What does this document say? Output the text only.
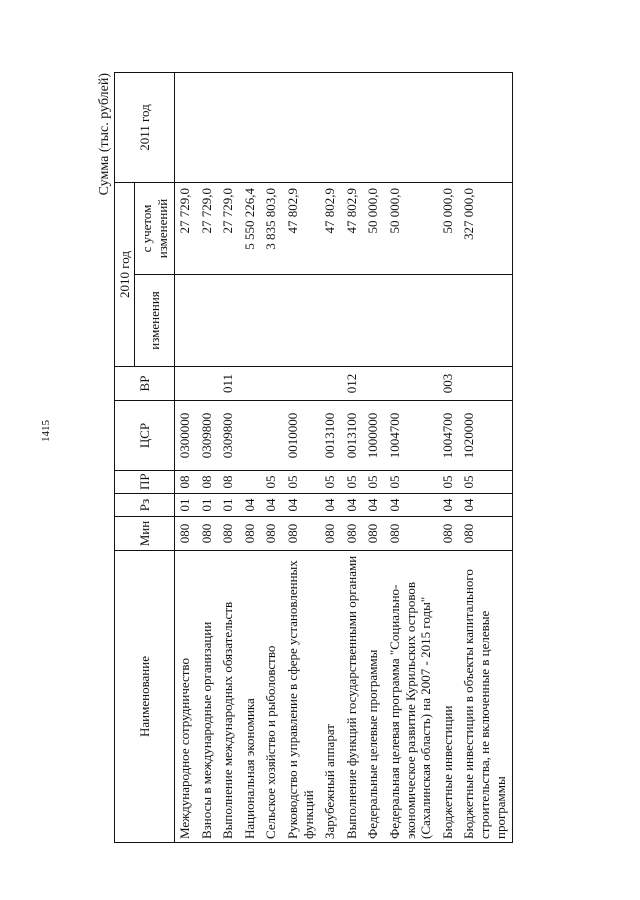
1415
Сумма (тыс. рублей)
Наименование	Мин	Рз	ПР	ЦСР	ВР	2010 год		2011 год
						изменения	с учетом изменений	

Международное сотрудничество	080	01	08	0300000			27 729,0	
Взносы в международные организации	080	01	08	0309800			27 729,0	
Выполнение международных обязательств	080	01	08	0309800	011		27 729,0	
Национальная экономика	080	04					5 550 226,4	
Сельское хозяйство и рыболовство	080	04	05				3 835 803,0	
Руководство и управление в сфере установленных функций	080	04	05	0010000			47 802,9	
Зарубежный аппарат	080	04	05	0013100			47 802,9	
Выполнение функций государственными органами	080	04	05	0013100	012		47 802,9	
Федеральные целевые программы	080	04	05	1000000			50 000,0	
Федеральная целевая программа "Социально-экономическое развитие Курильских островов (Сахалинская область) на 2007 - 2015 годы"	080	04	05	1004700			50 000,0	
Бюджетные инвестиции	080	04	05	1004700	003		50 000,0	
Бюджетные инвестиции в объекты капитального строительства, не включенные в целевые программы	080	04	05	1020000			327 000,0	
